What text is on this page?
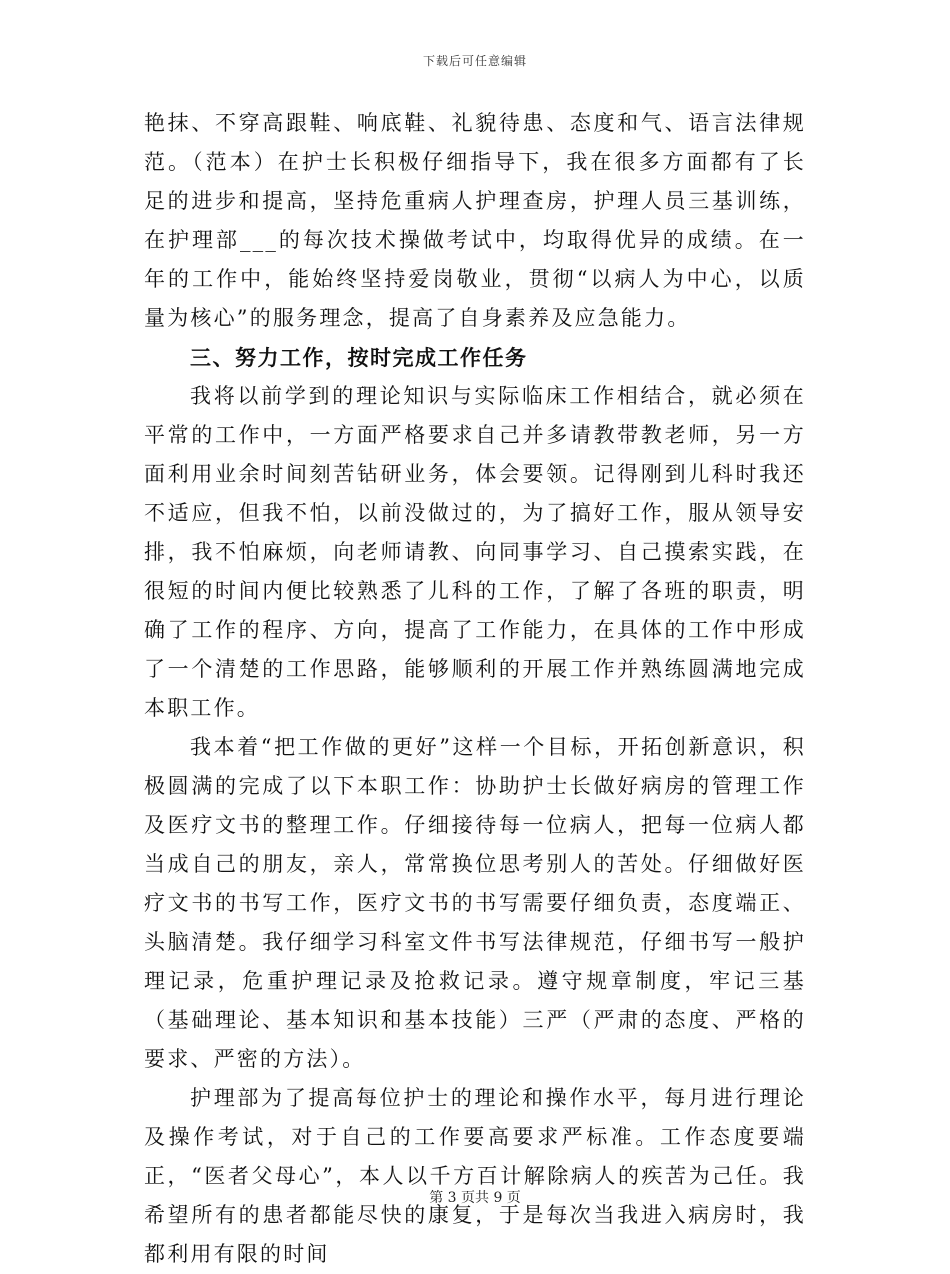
下载后可任意编辑

艳抹、不穿高跟鞋、响底鞋、礼貌待患、态度和气、语言法律规范。（范本）在护士长积极仔细指导下，我在很多方面都有了长足的进步和提高，坚持危重病人护理查房，护理人员三基训练，在护理部___的每次技术操做考试中，均取得优异的成绩。在一年的工作中，能始终坚持爱岗敬业，贯彻“以病人为中心，以质量为核心”的服务理念，提高了自身素养及应急能力。

三、努力工作，按时完成工作任务

我将以前学到的理论知识与实际临床工作相结合，就必须在平常的工作中，一方面严格要求自己并多请教带教老师，另一方面利用业余时间刻苦钻研业务，体会要领。记得刚到儿科时我还不适应，但我不怕，以前没做过的，为了搞好工作，服从领导安排，我不怕麻烦，向老师请教、向同事学习、自己摸索实践，在很短的时间内便比较熟悉了儿科的工作，了解了各班的职责，明确了工作的程序、方向，提高了工作能力，在具体的工作中形成了一个清楚的工作思路，能够顺利的开展工作并熟练圆满地完成本职工作。

我本着“把工作做的更好”这样一个目标，开拓创新意识，积极圆满的完成了以下本职工作：协助护士长做好病房的管理工作及医疗文书的整理工作。仔细接待每一位病人，把每一位病人都当成自己的朋友，亲人，常常换位思考别人的苦处。仔细做好医疗文书的书写工作，医疗文书的书写需要仔细负责，态度端正、头脑清楚。我仔细学习科室文件书写法律规范，仔细书写一般护理记录，危重护理记录及抢救记录。遵守规章制度，牢记三基（基础理论、基本知识和基本技能）三严（严肃的态度、严格的要求、严密的方法）。

护理部为了提高每位护士的理论和操作水平，每月进行理论及操作考试，对于自己的工作要高要求严标准。工作态度要端正，“医者父母心”，本人以千方百计解除病人的疾苦为己任。我希望所有的患者都能尽快的康复，于是每次当我进入病房时，我都利用有限的时间

第 3 页共 9 页
